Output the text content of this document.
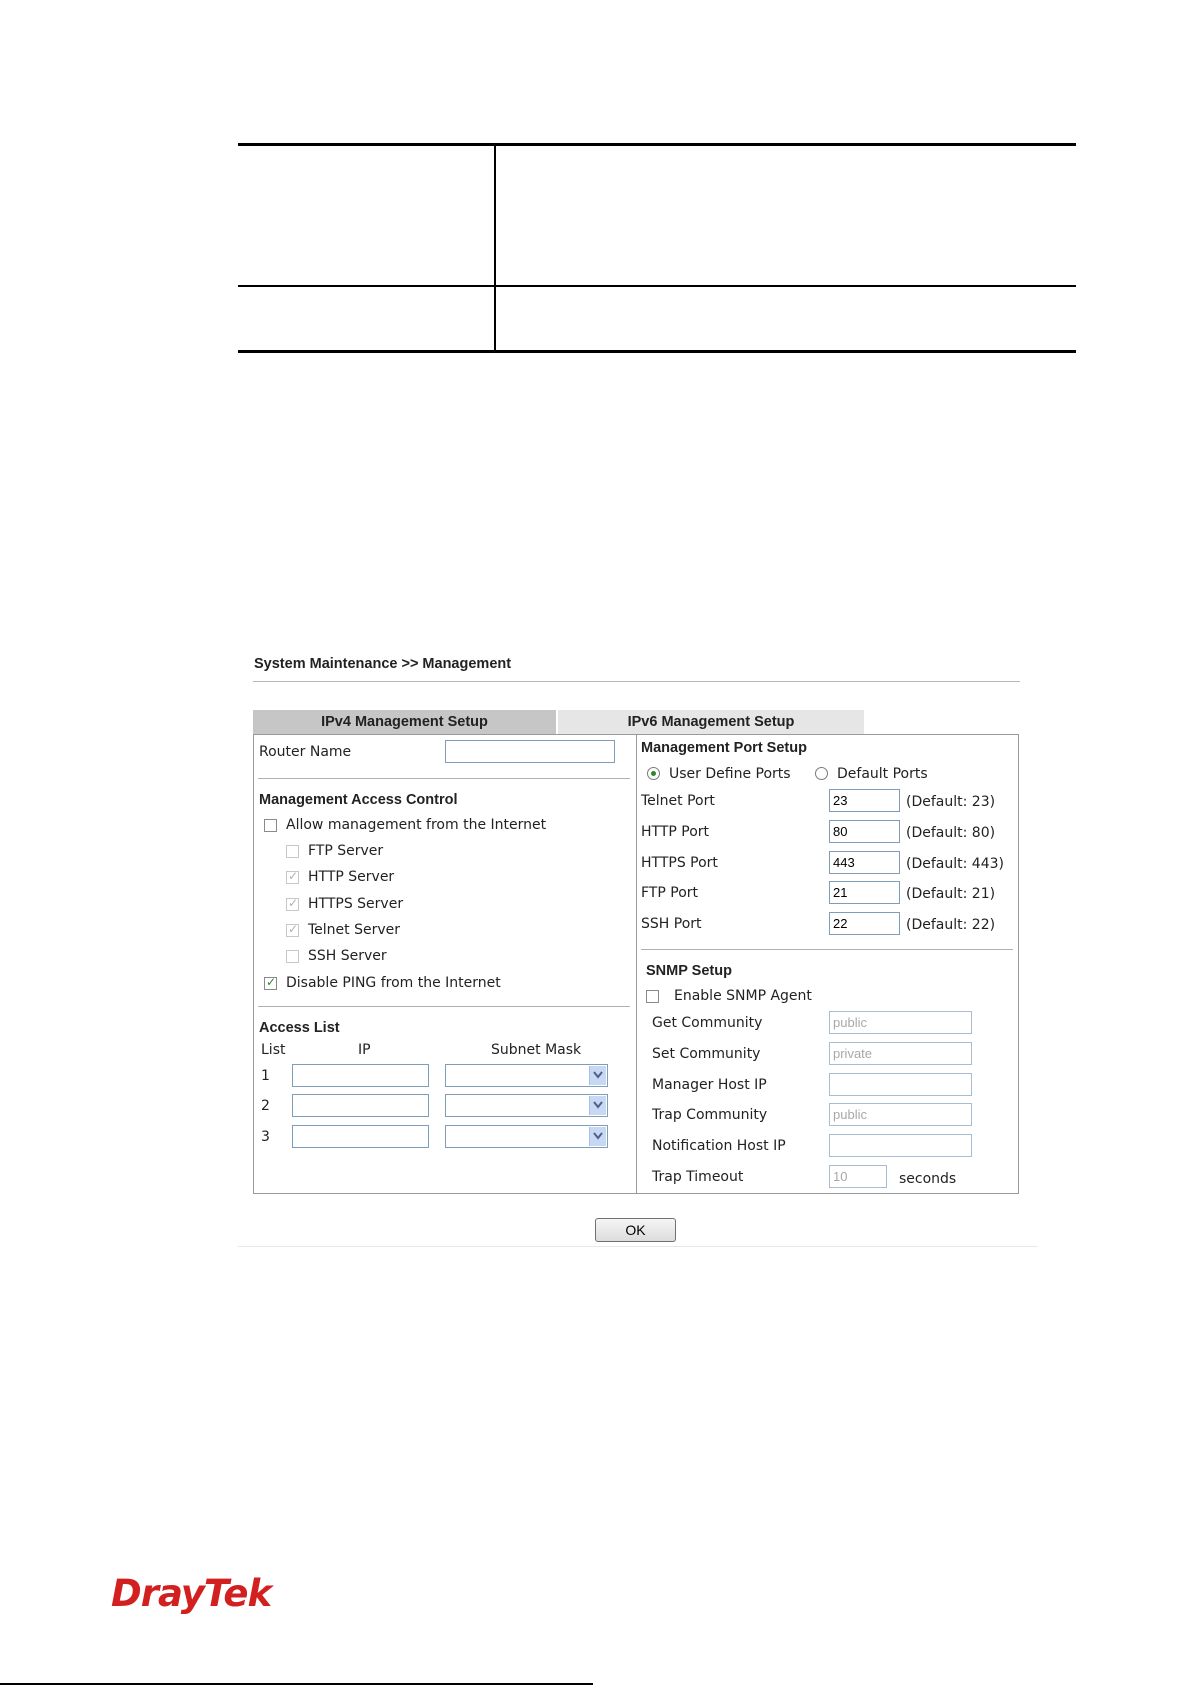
System Maintenance >> Management
IPv4 Management Setup	IPv6 Management Setup
Router Name
Management Access Control
Allow management from the Internet
FTP Server
✓ HTTP Server
✓ HTTPS Server
✓ Telnet Server
SSH Server
✓ Disable PING from the Internet
Access List
List	IP	Subnet Mask
1
2
3
Management Port Setup
User Define Ports	Default Ports
Telnet Port	23	(Default: 23)
HTTP Port	80	(Default: 80)
HTTPS Port	443	(Default: 443)
FTP Port	21	(Default: 21)
SSH Port	22	(Default: 22)
SNMP Setup
Enable SNMP Agent
Get Community	public
Set Community	private
Manager Host IP
Trap Community	public
Notification Host IP
Trap Timeout	10	seconds
OK
DrayTek
